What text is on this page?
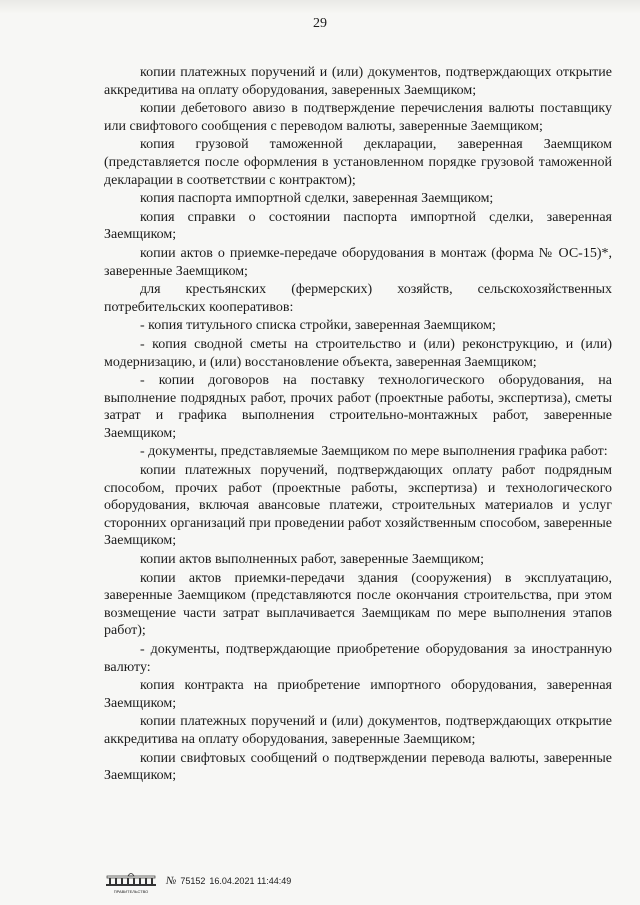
29

копии платежных поручений и (или) документов, подтверждающих открытие аккредитива на оплату оборудования, заверенных Заемщиком;

копии дебетового авизо в подтверждение перечисления валюты поставщику или свифтового сообщения с переводом валюты, заверенные Заемщиком;

копия грузовой таможенной декларации, заверенная Заемщиком (представляется после оформления в установленном порядке грузовой таможенной декларации в соответствии с контрактом);

копия паспорта импортной сделки, заверенная Заемщиком;

копия справки о состоянии паспорта импортной сделки, заверенная Заемщиком;

копии актов о приемке-передаче оборудования в монтаж (форма № ОС-15)*, заверенные Заемщиком;

для крестьянских (фермерских) хозяйств, сельскохозяйственных потребительских кооперативов:

- копия титульного списка стройки, заверенная Заемщиком;

- копия сводной сметы на строительство и (или) реконструкцию, и (или) модернизацию, и (или) восстановление объекта, заверенная Заемщиком;

- копии договоров на поставку технологического оборудования, на выполнение подрядных работ, прочих работ (проектные работы, экспертиза), сметы затрат и графика выполнения строительно-монтажных работ, заверенные Заемщиком;

- документы, представляемые Заемщиком по мере выполнения графика работ:

копии платежных поручений, подтверждающих оплату работ подрядным способом, прочих работ (проектные работы, экспертиза) и технологического оборудования, включая авансовые платежи, строительных материалов и услуг сторонних организаций при проведении работ хозяйственным способом, заверенные Заемщиком;

копии актов выполненных работ, заверенные Заемщиком;

копии актов приемки-передачи здания (сооружения) в эксплуатацию, заверенные Заемщиком (представляются после окончания строительства, при этом возмещение части затрат выплачивается Заемщикам по мере выполнения этапов работ);

- документы, подтверждающие приобретение оборудования за иностранную валюту:

копия контракта на приобретение импортного оборудования, заверенная Заемщиком;

копии платежных поручений и (или) документов, подтверждающих открытие аккредитива на оплату оборудования, заверенные Заемщиком;

копии свифтовых сообщений о подтверждении перевода валюты, заверенные Заемщиком;

ПРАВИТЕЛЬСТВО
№ 75152 16.04.2021 11:44:49
